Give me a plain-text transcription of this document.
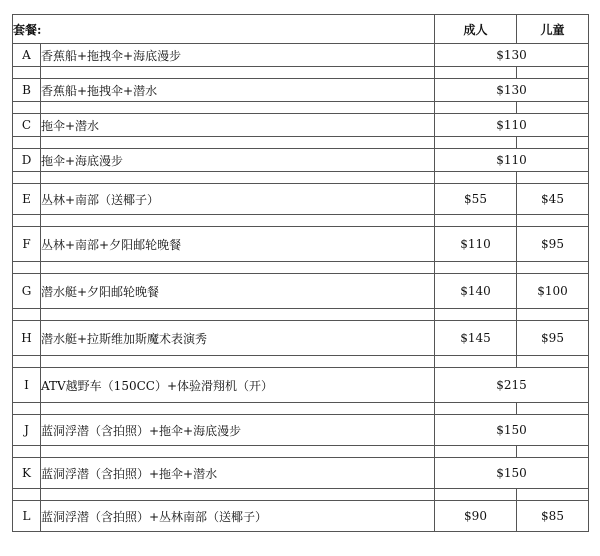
套餐:		成人	儿童
A	香蕉船+拖拽伞+海底漫步	$130	

B	香蕉船+拖拽伞+潜水	$130	

C	拖伞+潜水	$110	

D	拖伞+海底漫步	$110	

E	丛林+南部（送椰子）	$55	$45

F	丛林+南部+夕阳邮轮晚餐	$110	$95

G	潜水艇+夕阳邮轮晚餐	$140	$100

H	潜水艇+拉斯维加斯魔术表演秀	$145	$95

I	ATV越野车（150CC）+体验滑翔机（开）	$215	

J	蓝洞浮潜（含拍照）+拖伞+海底漫步	$150	

K	蓝洞浮潜（含拍照）+拖伞+潜水	$150	

L	蓝洞浮潜（含拍照）+丛林南部（送椰子）	$90	$85
